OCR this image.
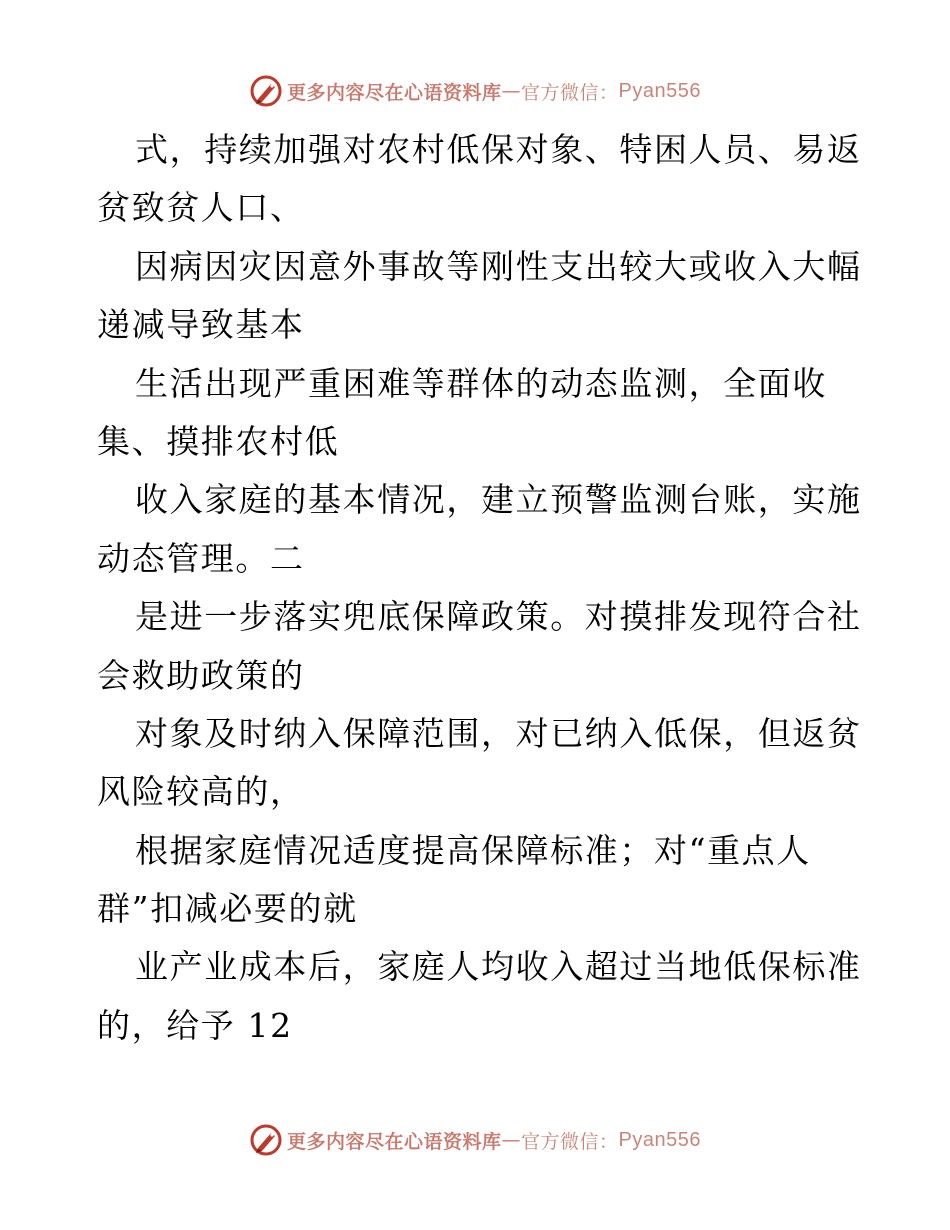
更多内容尽在心语资料库 — 官方微信： Pyan556
式，持续加强对农村低保对象、特困人员、易返
贫致贫人口、
因病因灾因意外事故等刚性支出较大或收入大幅
递减导致基本
生活出现严重困难等群体的动态监测，全面收
集、摸排农村低
收入家庭的基本情况，建立预警监测台账，实施
动态管理。二
是进一步落实兜底保障政策。对摸排发现符合社
会救助政策的
对象及时纳入保障范围，对已纳入低保，但返贫
风险较高的，
根据家庭情况适度提高保障标准；对“重点人
群”扣减必要的就
业产业成本后，家庭人均收入超过当地低保标准
的，给予 12
更多内容尽在心语资料库 — 官方微信： Pyan556
